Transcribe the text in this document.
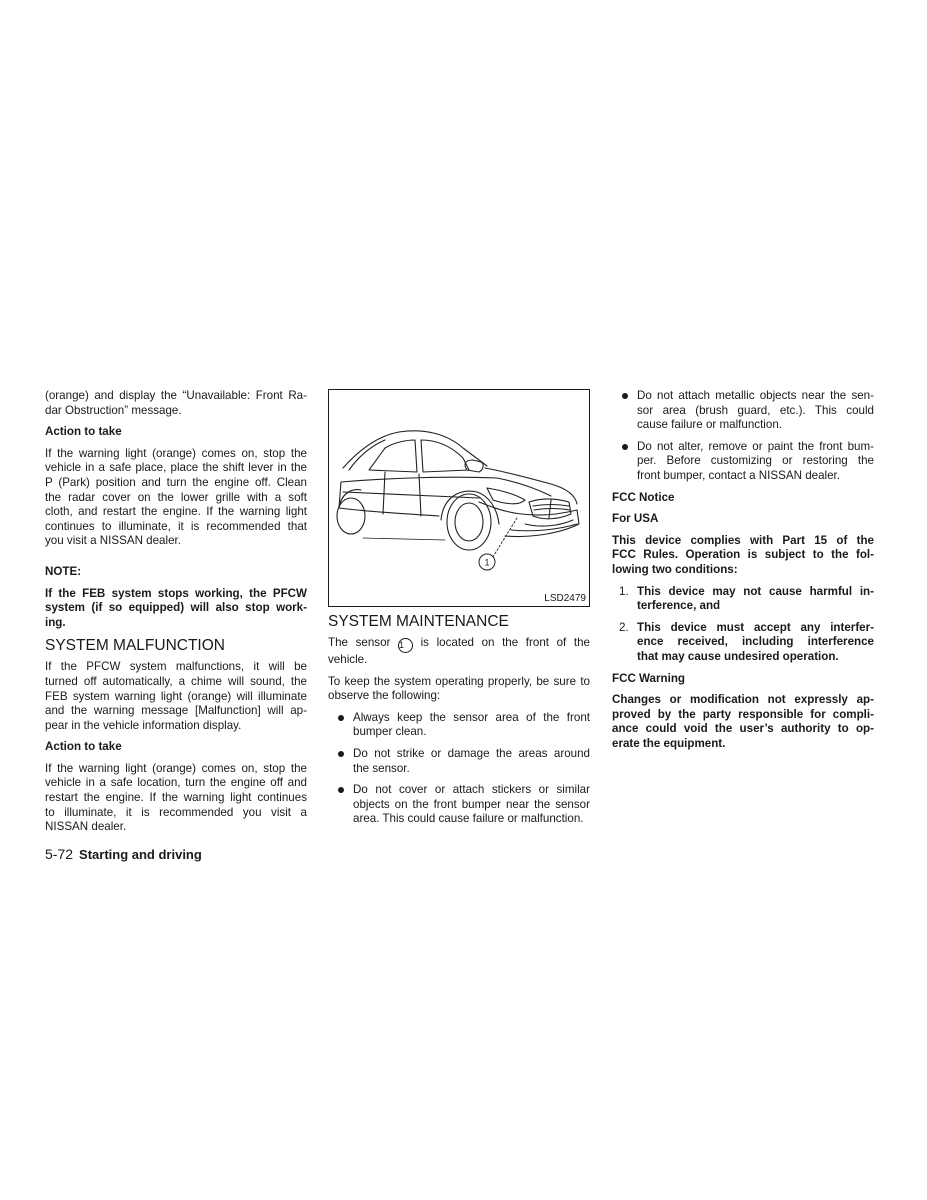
(orange) and display the “Unavailable: Front Ra-
dar Obstruction” message.

Action to take

If the warning light (orange) comes on, stop the
vehicle in a safe place, place the shift lever in the
P (Park) position and turn the engine off. Clean
the radar cover on the lower grille with a soft
cloth, and restart the engine. If the warning light
continues to illuminate, it is recommended that
you visit a NISSAN dealer.

NOTE:

If the FEB system stops working, the PFCW
system (if so equipped) will also stop work-
ing.

SYSTEM MALFUNCTION

If the PFCW system malfunctions, it will be
turned off automatically, a chime will sound, the
FEB system warning light (orange) will illuminate
and the warning message [Malfunction] will ap-
pear in the vehicle information display.

Action to take

If the warning light (orange) comes on, stop the
vehicle in a safe location, turn the engine off and
restart the engine. If the warning light continues
to illuminate, it is recommended you visit a
NISSAN dealer.

1
LSD2479
SYSTEM MAINTENANCE

The sensor 1 is located on the front of the
vehicle.

To keep the system operating properly, be sure to
observe the following:

Always keep the sensor area of the front
bumper clean.
Do not strike or damage the areas around
the sensor.
Do not cover or attach stickers or similar
objects on the front bumper near the sensor
area. This could cause failure or malfunction.
Do not attach metallic objects near the sen-
sor area (brush guard, etc.). This could
cause failure or malfunction.
Do not alter, remove or paint the front bum-
per. Before customizing or restoring the
front bumper, contact a NISSAN dealer.

FCC Notice

For USA

This device complies with Part 15 of the
FCC Rules. Operation is subject to the fol-
lowing two conditions:

1. This device may not cause harmful in-
terference, and
2. This device must accept any interfer-
ence received, including interference
that may cause undesired operation.

FCC Warning

Changes or modification not expressly ap-
proved by the party responsible for compli-
ance could void the user’s authority to op-
erate the equipment.

5-72 Starting and driving
